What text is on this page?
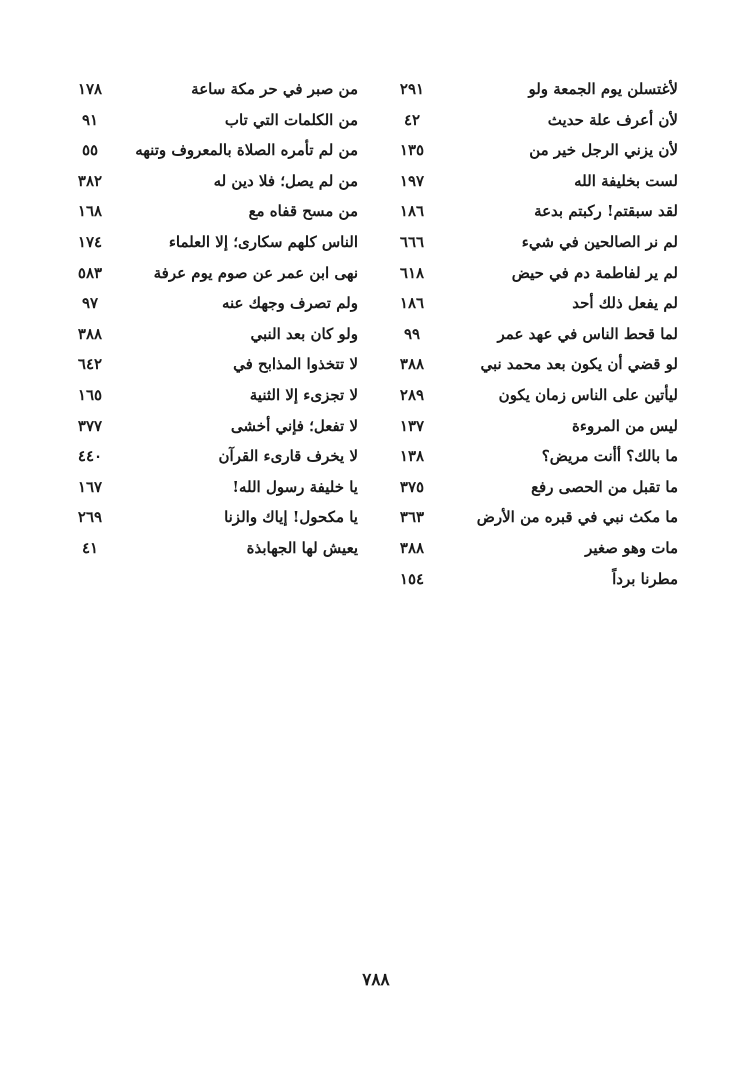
لأغتسلن يوم الجمعة ولو
٢٩١
لأن أعرف علة حديث
٤٢
لأن يزني الرجل خير من
١٣٥
لست بخليفة الله
١٩٧
لقد سبقتم! ركبتم بدعة
١٨٦
لم نر الصالحين في شيء
٦٦٦
لم ير لفاطمة دم في حيض
٦١٨
لم يفعل ذلك أحد
١٨٦
لما قحط الناس في عهد عمر
٩٩
لو قضي أن يكون بعد محمد نبي
٣٨٨
ليأتين على الناس زمان يكون
٢٨٩
ليس من المروءة
١٣٧
ما بالك؟ أأنت مريض؟
١٣٨
ما تقبل من الحصى رفع
٣٧٥
ما مكث نبي في قبره من الأرض
٣٦٣
مات وهو صغير
٣٨٨
مطرنا برداً
١٥٤
من صبر في حر مكة ساعة
١٧٨
من الكلمات التي تاب
٩١
من لم تأمره الصلاة بالمعروف وتنهه
٥٥
من لم يصل؛ فلا دين له
٣٨٢
من مسح قفاه مع
١٦٨
الناس كلهم سكارى؛ إلا العلماء
١٧٤
نهى ابن عمر عن صوم يوم عرفة
٥٨٣
ولم تصرف وجهك عنه
٩٧
ولو كان بعد النبي
٣٨٨
لا تتخذوا المذابح في
٦٤٢
لا تجزىء إلا الثنية
١٦٥
لا تفعل؛ فإني أخشى
٣٧٧
لا يخرف قارىء القرآن
٤٤٠
يا خليفة رسول الله!
١٦٧
يا مكحول! إياك والزنا
٢٦٩
يعيش لها الجهابذة
٤١
٧٨٨
